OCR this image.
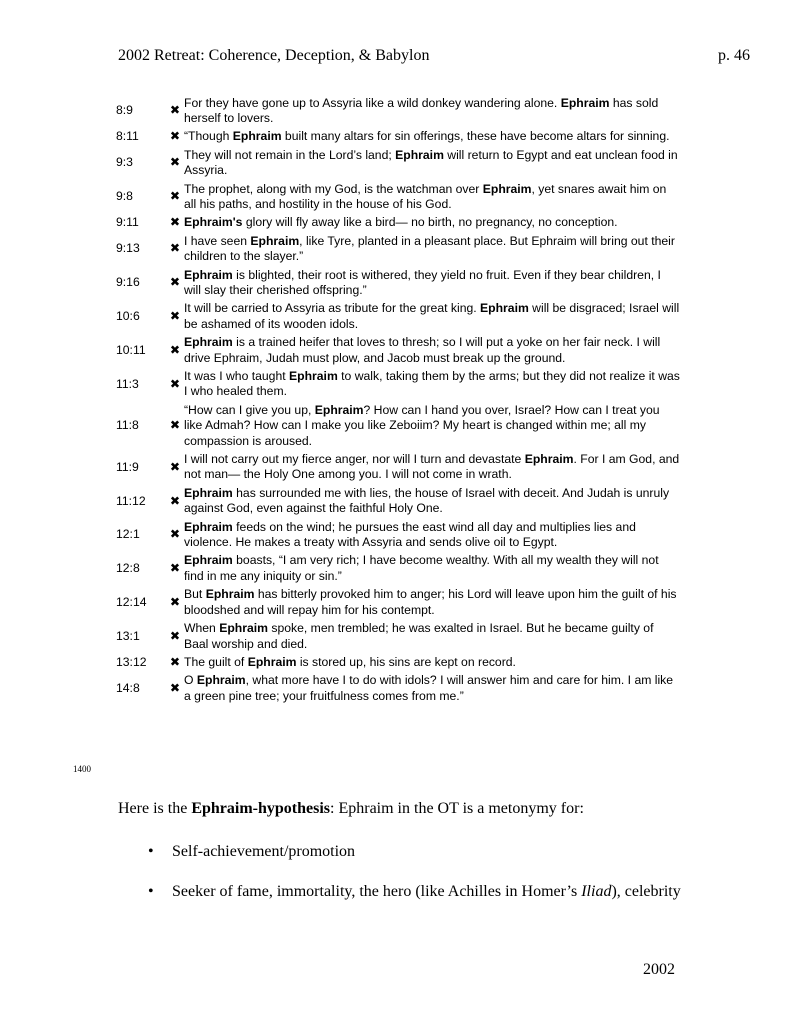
2002 Retreat: Coherence, Deception, & Babylon	p. 46
8:9	✖	For they have gone up to Assyria like a wild donkey wandering alone. Ephraim has sold herself to lovers.
8:11	✖	“Though Ephraim built many altars for sin offerings, these have become altars for sinning.
9:3	✖	They will not remain in the Lord’s land; Ephraim will return to Egypt and eat unclean food in Assyria.
9:8	✖	The prophet, along with my God, is the watchman over Ephraim, yet snares await him on all his paths, and hostility in the house of his God.
9:11	✖	Ephraim's glory will fly away like a bird— no birth, no pregnancy, no conception.
9:13	✖	I have seen Ephraim, like Tyre, planted in a pleasant place. But Ephraim will bring out their children to the slayer.”
9:16	✖	Ephraim is blighted, their root is withered, they yield no fruit. Even if they bear children, I will slay their cherished offspring.”
10:6	✖	It will be carried to Assyria as tribute for the great king. Ephraim will be disgraced; Israel will be ashamed of its wooden idols.
10:11	✖	Ephraim is a trained heifer that loves to thresh; so I will put a yoke on her fair neck. I will drive Ephraim, Judah must plow, and Jacob must break up the ground.
11:3	✖	It was I who taught Ephraim to walk, taking them by the arms; but they did not realize it was I who healed them.
11:8	✖	“How can I give you up, Ephraim? How can I hand you over, Israel? How can I treat you like Admah? How can I make you like Zeboiim? My heart is changed within me; all my compassion is aroused.
11:9	✖	I will not carry out my fierce anger, nor will I turn and devastate Ephraim. For I am God, and not man— the Holy One among you. I will not come in wrath.
11:12	✖	Ephraim has surrounded me with lies, the house of Israel with deceit. And Judah is unruly against God, even against the faithful Holy One.
12:1	✖	Ephraim feeds on the wind; he pursues the east wind all day and multiplies lies and violence. He makes a treaty with Assyria and sends olive oil to Egypt.
12:8	✖	Ephraim boasts, “I am very rich; I have become wealthy. With all my wealth they will not find in me any iniquity or sin.”
12:14	✖	But Ephraim has bitterly provoked him to anger; his Lord will leave upon him the guilt of his bloodshed and will repay him for his contempt.
13:1	✖	When Ephraim spoke, men trembled; he was exalted in Israel. But he became guilty of Baal worship and died.
13:12	✖	The guilt of Ephraim is stored up, his sins are kept on record.
14:8	✖	O Ephraim, what more have I to do with idols? I will answer him and care for him. I am like a green pine tree; your fruitfulness comes from me.”
1400
Here is the Ephraim-hypothesis: Ephraim in the OT is a metonymy for:
• Self-achievement/promotion
• Seeker of fame, immortality, the hero (like Achilles in Homer’s Iliad), celebrity
2002
